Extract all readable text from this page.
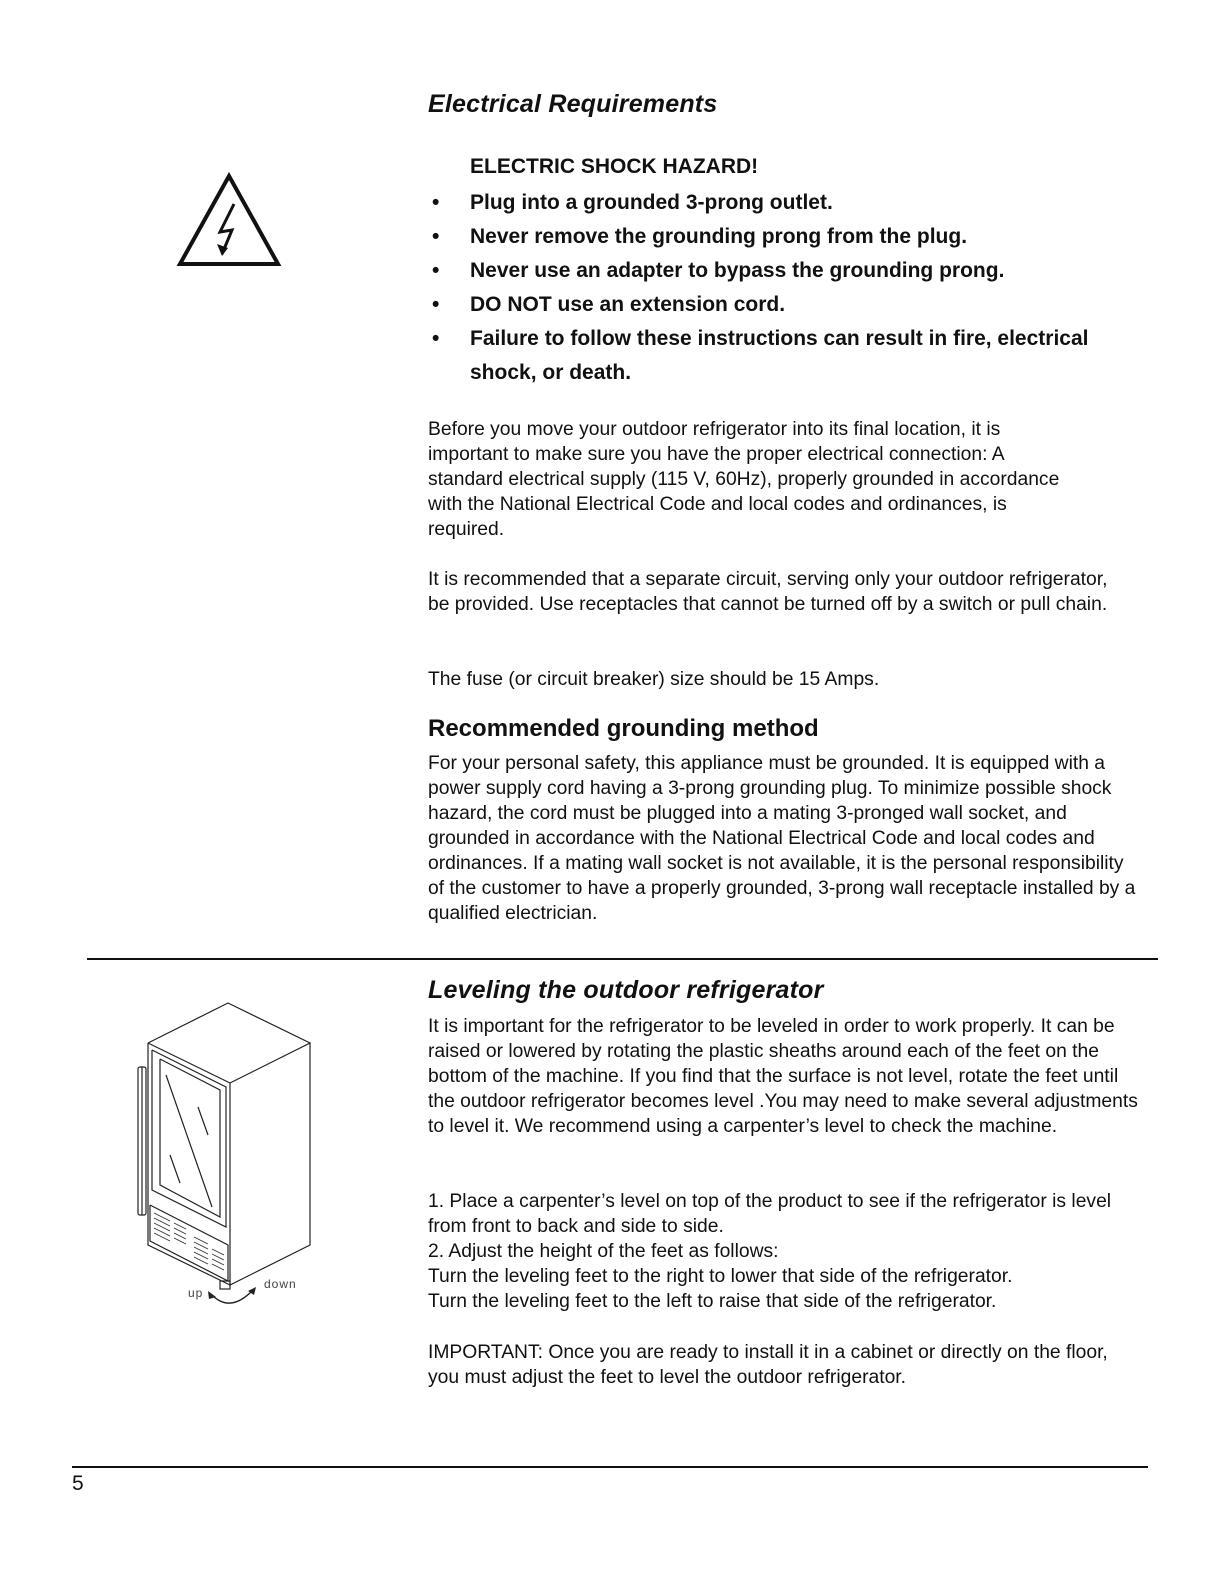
Electrical Requirements
ELECTRIC SHOCK HAZARD!
• Plug into a grounded 3-prong outlet.
• Never remove the grounding prong from the plug.
• Never use an adapter to bypass the grounding prong.
• DO NOT use an extension cord.
• Failure to follow these instructions can result in fire, electrical shock, or death.

Before you move your outdoor refrigerator into its final location, it is important to make sure you have the proper electrical connection: A standard electrical supply (115 V, 60Hz), properly grounded in accordance with the National Electrical Code and local codes and ordinances, is required.

It is recommended that a separate circuit, serving only your outdoor refrigerator, be provided. Use receptacles that cannot be turned off by a switch or pull chain.

The fuse (or circuit breaker) size should be 15 Amps.

Recommended grounding method

For your personal safety, this appliance must be grounded. It is equipped with a power supply cord having a 3-prong grounding plug. To minimize possible shock hazard, the cord must be plugged into a mating 3-pronged wall socket, and grounded in accordance with the National Electrical Code and local codes and ordinances. If a mating wall socket is not available, it is the personal responsibility of the customer to have a properly grounded, 3-prong wall receptacle installed by a qualified electrician.

Leveling the outdoor refrigerator

It is important for the refrigerator to be leveled in order to work properly. It can be raised or lowered by rotating the plastic sheaths around each of the feet on the bottom of the machine. If you find that the surface is not level, rotate the feet until the outdoor refrigerator becomes level .You may need to make several adjustments to level it. We recommend using a carpenter’s level to check the machine.

1. Place a carpenter’s level on top of the product to see if the refrigerator is level from front to back and side to side.

2. Adjust the height of the feet as follows:

Turn the leveling feet to the right to lower that side of the refrigerator.

Turn the leveling feet to the left to raise that side of the refrigerator.

IMPORTANT: Once you are ready to install it in a cabinet or directly on the floor, you must adjust the feet to level the outdoor refrigerator.

up
down
5
